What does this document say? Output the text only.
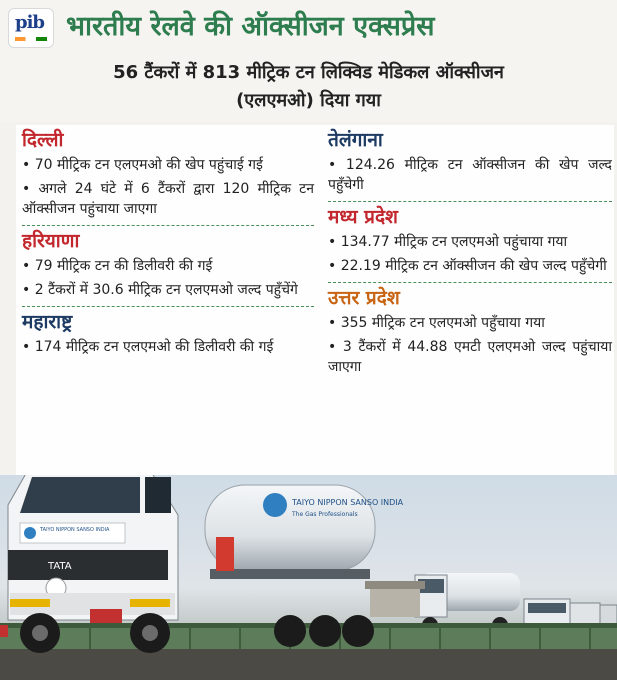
pib भारतीय रेलवे की ऑक्सीजन एक्सप्रेस
56 टैंकरों में 813 मीट्रिक टन लिक्विड मेडिकल ऑक्सीजन
(एलएमओ) दिया गया
TAIYO NIPPON SANSO INDIA
The Gas Professionals
TAIYO NIPPON SANSO INDIA
TATA
दिल्ली
• 70 मीट्रिक टन एलएमओ की खेप पहुंचाई गई
• अगले 24 घंटे में 6 टैंकरों द्वारा 120 मीट्रिक टन ऑक्सीजन पहुंचाया जाएगा
हरियाणा
• 79 मीट्रिक टन की डिलीवरी की गई
• 2 टैंकरों में 30.6 मीट्रिक टन एलएमओ जल्द पहुँचेंगे
महाराष्ट्र
• 174 मीट्रिक टन एलएमओ की डिलीवरी की गई
तेलंगाना
• 124.26 मीट्रिक टन ऑक्सीजन की खेप जल्द पहुँचेगी
मध्य प्रदेश
• 134.77 मीट्रिक टन एलएमओ पहुंचाया गया
• 22.19 मीट्रिक टन ऑक्सीजन की खेप जल्द पहुँचेगी
उत्तर प्रदेश
• 355 मीट्रिक टन एलएमओ पहुँचाया गया
• 3 टैंकरों में 44.88 एमटी एलएमओ जल्द पहुंचाया जाएगा
